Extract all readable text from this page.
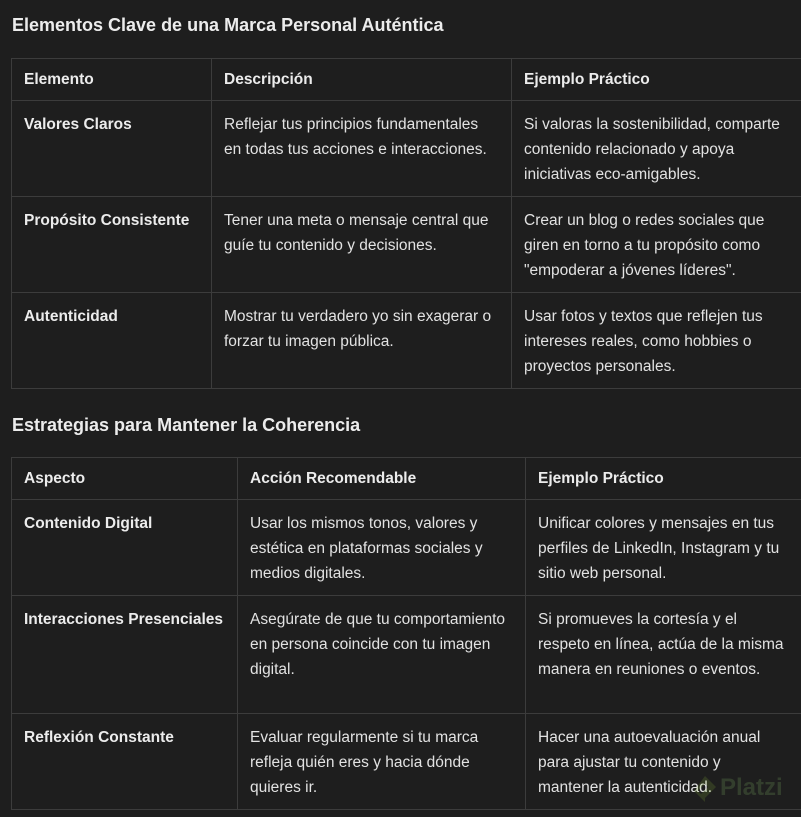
Elementos Clave de una Marca Personal Auténtica
Elemento	Descripción	Ejemplo Práctico
Valores Claros	Reflejar tus principios fundamentales en todas tus acciones e interacciones.	Si valoras la sostenibilidad, comparte contenido relacionado y apoya iniciativas eco-amigables.
Propósito Consistente	Tener una meta o mensaje central que guíe tu contenido y decisiones.	Crear un blog o redes sociales que giren en torno a tu propósito como "empoderar a jóvenes líderes".
Autenticidad	Mostrar tu verdadero yo sin exagerar o forzar tu imagen pública.	Usar fotos y textos que reflejen tus intereses reales, como hobbies o proyectos personales.
Estrategias para Mantener la Coherencia
Aspecto	Acción Recomendable	Ejemplo Práctico
Contenido Digital	Usar los mismos tonos, valores y estética en plataformas sociales y medios digitales.	Unificar colores y mensajes en tus perfiles de LinkedIn, Instagram y tu sitio web personal.
Interacciones Presenciales	Asegúrate de que tu comportamiento en persona coincide con tu imagen digital.	Si promueves la cortesía y el respeto en línea, actúa de la misma manera en reuniones o eventos.
Reflexión Constante	Evaluar regularmente si tu marca refleja quién eres y hacia dónde quieres ir.	Hacer una autoevaluación anual para ajustar tu contenido y mantener la autenticidad. Platzi
